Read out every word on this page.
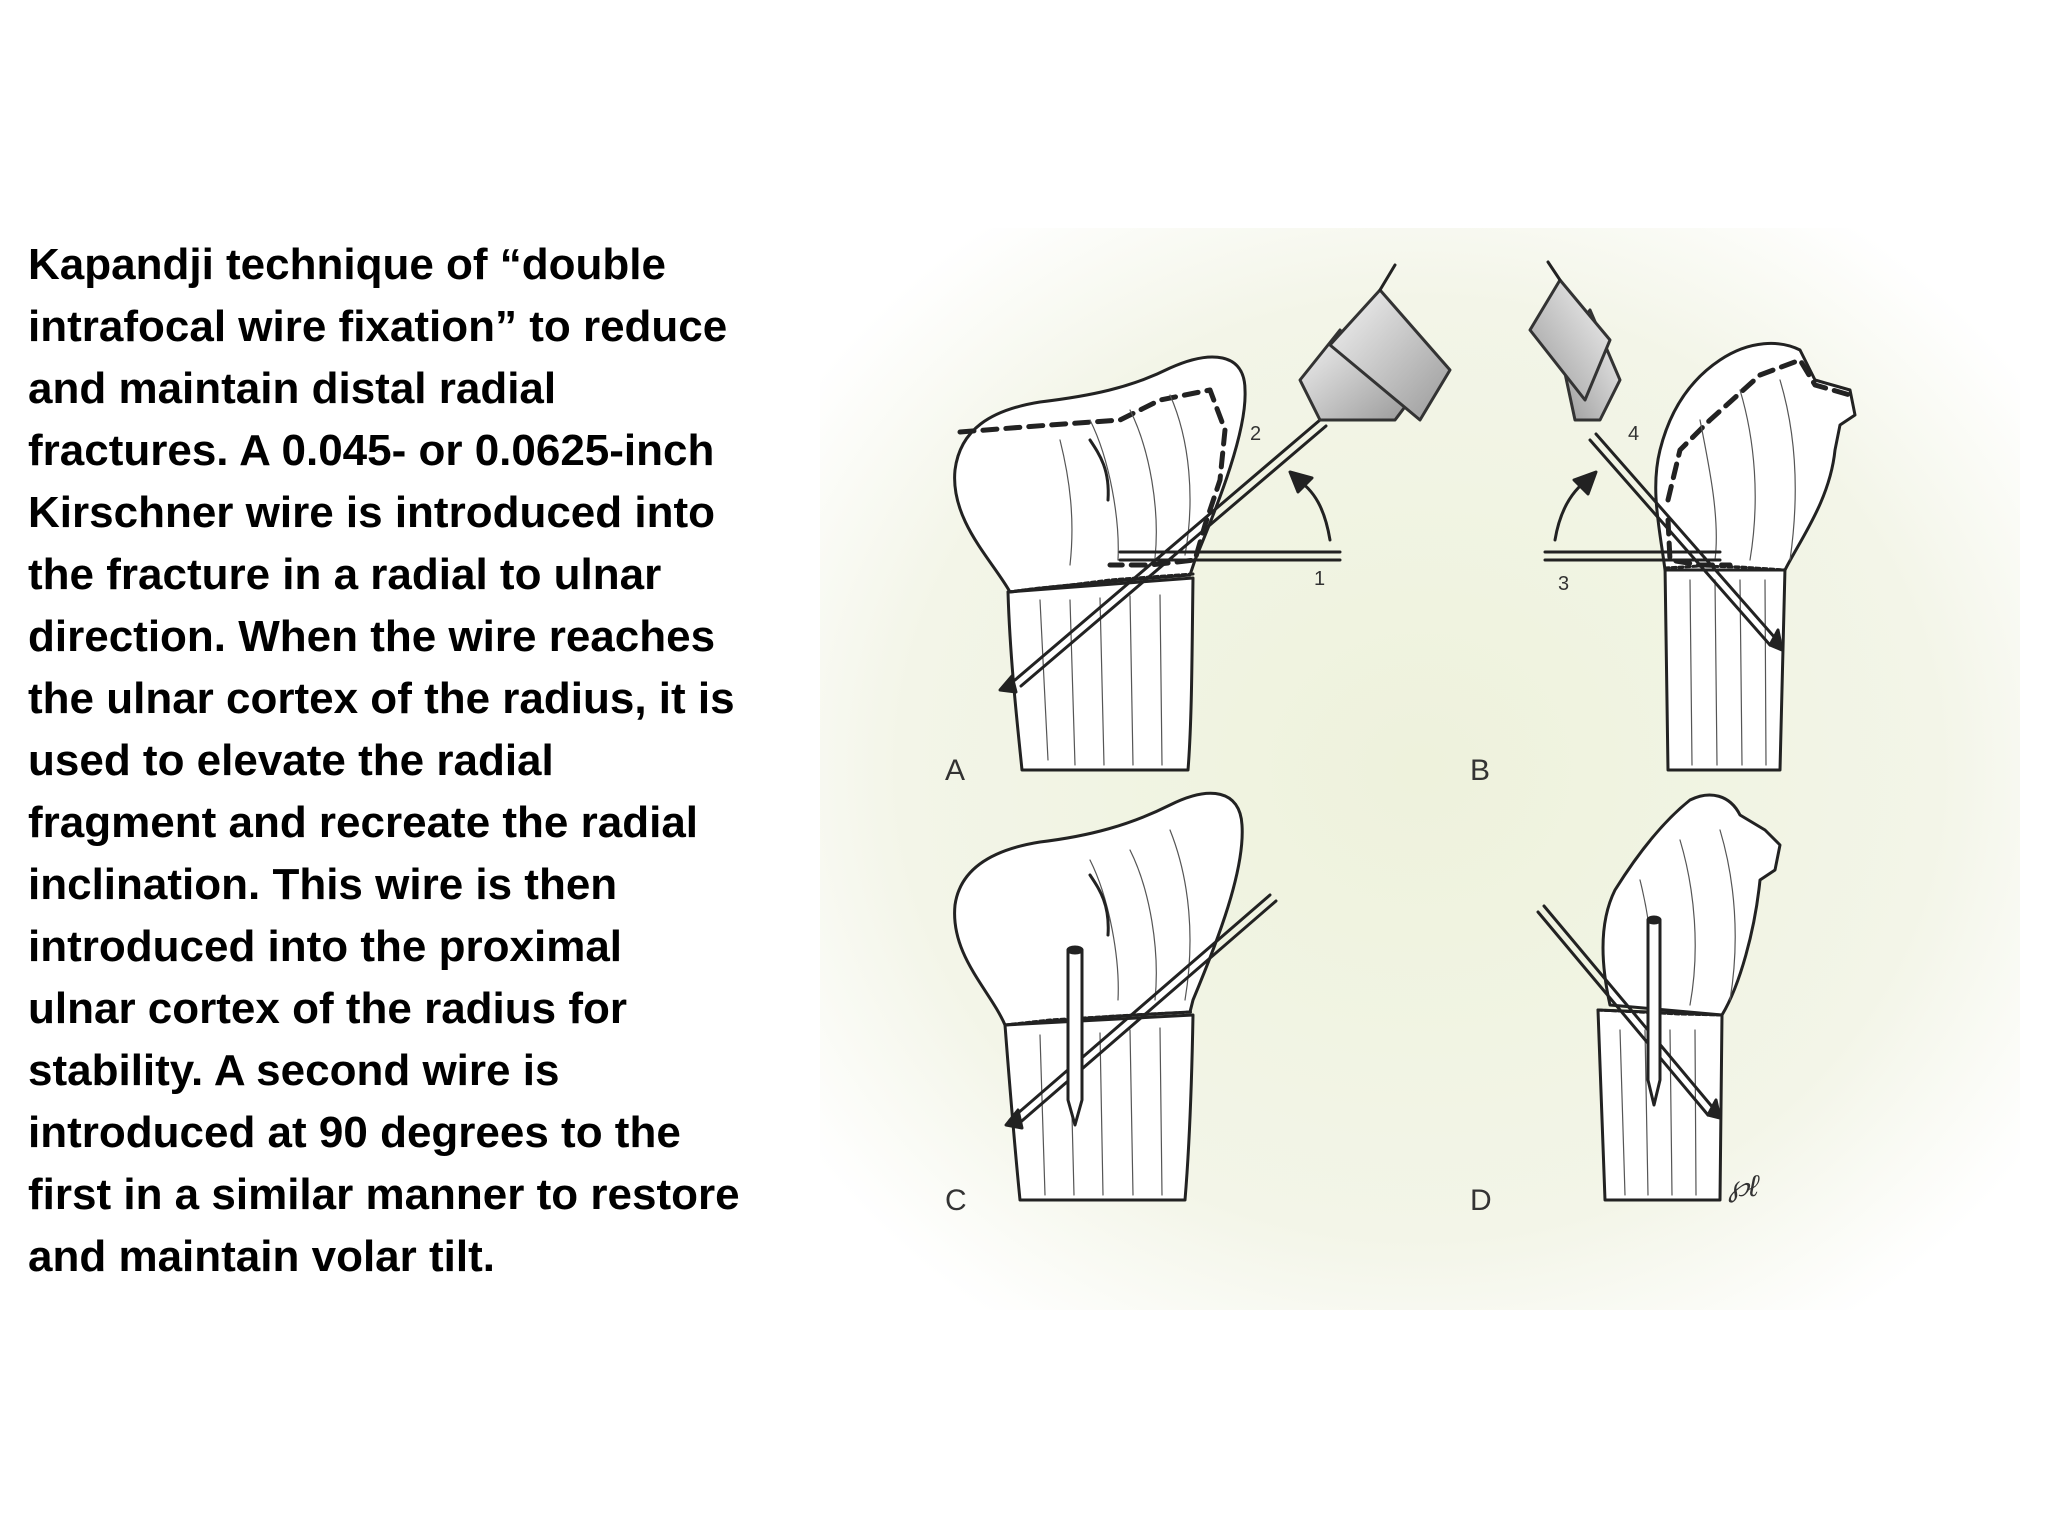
Kapandji technique of “double
intrafocal wire fixation” to reduce
and maintain distal radial
fractures. A 0.045- or 0.0625-inch
Kirschner wire is introduced into
the fracture in a radial to ulnar
direction. When the wire reaches
the ulnar cortex of the radius, it is
used to elevate the radial
fragment and recreate the radial
inclination. This wire is then
introduced into the proximal
ulnar cortex of the radius for
stability. A second wire is
introduced at 90 degrees to the
first in a similar manner to restore
and maintain volar tilt.
1
2
A
3
4
B
C	D	℘ℓ
